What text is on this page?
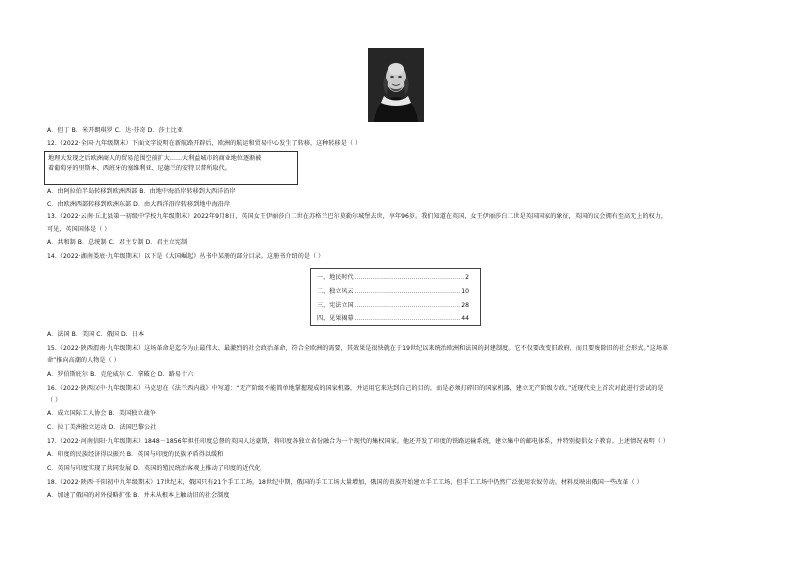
A．但丁 B．米开朗琪罗 C．达·芬奇 D．莎士比亚
12.（2022·全国·九年级期末）下面文字说明在新航路开辟后，欧洲的航运和贸易中心发生了转移，这种转移是（ ）
地理大发现之后欧洲商人的贸易范围空前扩大……大利益城市的商业地位逐渐被
着葡萄牙的里斯本、西班牙的塞维利亚、尼德兰的安特卫普所取代。
A．由阿拉伯半岛转移到欧洲西部 B．由地中海沿岸转移到大西洋沿岸
C．由欧洲西部转移到欧洲东部 D．由大西洋沿岸转移到地中海沿岸
13.（2022·云南·丘北县第一初级中学校九年级期末）2022年9月8日，英国女王伊丽莎白二世在苏格兰巴尔莫勒尔城堡去世，享年96岁。我们知道在英国，女王伊丽莎白二世是英国国家的象征，英国的议会拥有至高无上的权力，
可见，英国国体是（ ）
A．共和制 B．总统制 C．君主专制 D．君主立宪制
14.（2022·湖南娄底·九年级期末）以下是《大国崛起》丛书中某册的部分目录。这册书介绍的是（ ）
一、地民时代 …………………………………………………………………………………………	2
二、独立风云 …………………………………………………………………………………………	10
三、宪法立国 …………………………………………………………………………………………	28
四、见果揭幕 …………………………………………………………………………………………	44
A．法国 B．美国 C．俄国 D．日本
15.（2022·陕西渭南·九年级期末）这场革命是迄今为止最伟大、最激烈的社会政治革命，符合全欧洲的需要，其效果是很快就在于19世纪以来统治欧洲和法国的封建制度。它不仅要改变旧政府，而且要废除旧的社会形式。”这场革
命”推向高潮的人物是（ ）
A．罗伯斯庇尔 B．克伦威尔 C．拿破仑 D．路易十六
16.（2022·陕西汉中·九年级期末）马克思在《法兰西内战》中写道：“无产阶级不能简单地掌握现成的国家机器，并运用它来达到自己的目的，而是必须打碎旧的国家机器，建立无产阶级专政。”近现代史上首次对此进行尝试的是
（ ）
A．成立国际工人协会 B．美国独立战争
C．拉丁美洲独立运动 D．法国巴黎公社
17.（2022·河南信阳·九年级期末）1848－1856年担任印度总督的英国人达豪斯，将印度各独立省份融合为一个现代的集权国家。他还开发了印度的铁路运输系统，建立集中的邮电体系，并特别提倡女子教育。上述情况表明（ ）
A．印度的民族经济得以振兴 B．英国与印度的民族矛盾得以缓和
C．英国与印度实现了共同发展 D．英国的殖民统治客观上推动了印度的近代化
18.（2022·陕西·千阳初中九年级期末）17世纪末，俄国只有21个手工工场。18世纪中期，俄国的手工工场大量增加，俄国的贵族开始建立手工工场，但手工工场中仍然广泛使用农奴劳动。材料反映出俄国一些改革（ ）
A．加速了俄国的对外侵略扩张 B．并未从根本上触动旧的社会制度
